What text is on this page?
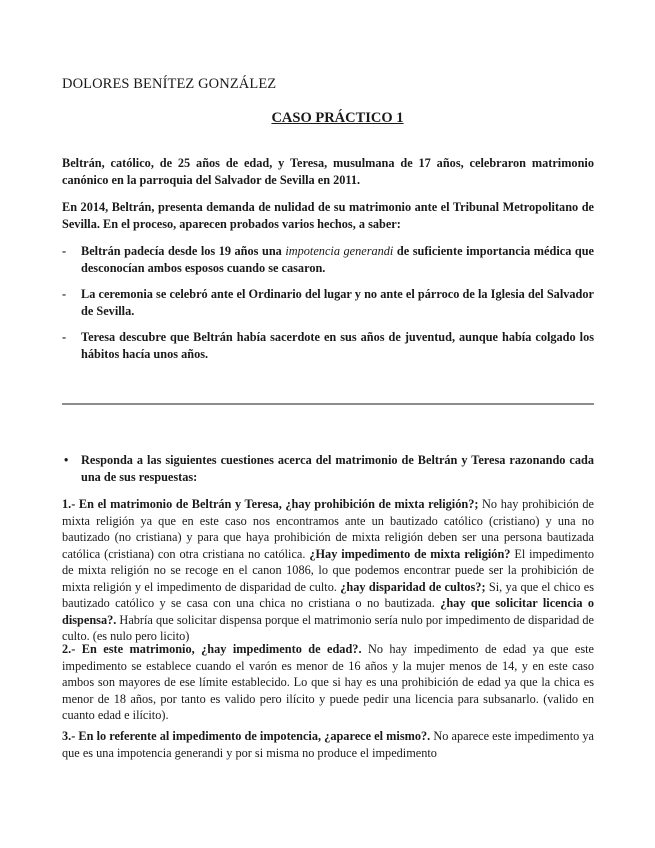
DOLORES BENÍTEZ GONZÁLEZ
CASO PRÁCTICO 1
Beltrán, católico, de 25 años de edad, y Teresa, musulmana de 17 años, celebraron matrimonio canónico en la parroquia del Salvador de Sevilla en 2011.
En 2014, Beltrán, presenta demanda de nulidad de su matrimonio ante el Tribunal Metropolitano de Sevilla. En el proceso, aparecen probados varios hechos, a saber:
- Beltrán padecía desde los 19 años una impotencia generandi de suficiente importancia médica que desconocían ambos esposos cuando se casaron.
- La ceremonia se celebró ante el Ordinario del lugar y no ante el párroco de la Iglesia del Salvador de Sevilla.
- Teresa descubre que Beltrán había sacerdote en sus años de juventud, aunque había colgado los hábitos hacía unos años.
• Responda a las siguientes cuestiones acerca del matrimonio de Beltrán y Teresa razonando cada una de sus respuestas:
1.- En el matrimonio de Beltrán y Teresa, ¿hay prohibición de mixta religión?; No hay prohibición de mixta religión ya que en este caso nos encontramos ante un bautizado católico (cristiano) y una no bautizado (no cristiana) y para que haya prohibición de mixta religión deben ser una persona bautizada católica (cristiana) con otra cristiana no católica. ¿Hay impedimento de mixta religión? El impedimento de mixta religión no se recoge en el canon 1086, lo que podemos encontrar puede ser la prohibición de mixta religión y el impedimento de disparidad de culto. ¿hay disparidad de cultos?; Si, ya que el chico es bautizado católico y se casa con una chica no cristiana o no bautizada. ¿hay que solicitar licencia o dispensa?. Habría que solicitar dispensa porque el matrimonio sería nulo por impedimento de disparidad de culto. (es nulo pero licito)
2.- En este matrimonio, ¿hay impedimento de edad?. No hay impedimento de edad ya que este impedimento se establece cuando el varón es menor de 16 años y la mujer menos de 14, y en este caso ambos son mayores de ese límite establecido. Lo que si hay es una prohibición de edad ya que la chica es menor de 18 años, por tanto es valido pero ilícito y puede pedir una licencia para subsanarlo. (valido en cuanto edad e ilícito).
3.- En lo referente al impedimento de impotencia, ¿aparece el mismo?. No aparece este impedimento ya que es una impotencia generandi y por si misma no produce el impedimento
